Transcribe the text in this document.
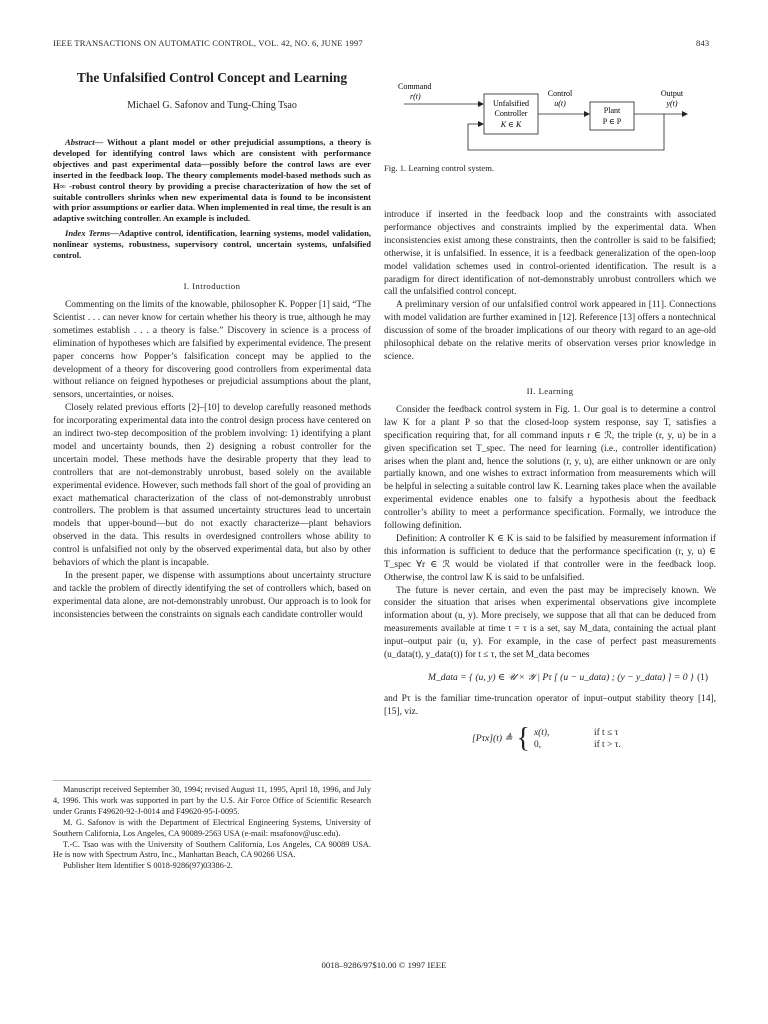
IEEE TRANSACTIONS ON AUTOMATIC CONTROL, VOL. 42, NO. 6, JUNE 1997	843
The Unfalsified Control Concept and Learning

Michael G. Safonov and Tung-Ching Tsao

Abstract— Without a plant model or other prejudicial assumptions, a theory is developed for identifying control laws which are consistent with performance objectives and past experimental data—possibly before the control laws are ever inserted in the feedback loop. The theory complements model-based methods such as H∞ -robust control theory by providing a precise characterization of how the set of suitable controllers shrinks when new experimental data is found to be inconsistent with prior assumptions or earlier data. When implemented in real time, the result is an adaptive switching controller. An example is included.

Index Terms—Adaptive control, identification, learning systems, model validation, nonlinear systems, robustness, supervisory control, uncertain systems, unfalsified control.

I. Introduction

Commenting on the limits of the knowable, philosopher K. Popper [1] said, “The Scientist . . . can never know for certain whether his theory is true, although he may sometimes establish . . . a theory is false.” Discovery in science is a process of elimination of hypotheses which are falsified by experimental evidence. The present paper concerns how Popper’s falsification concept may be applied to the development of a theory for discovering good controllers from experimental data without reliance on feigned hypotheses or prejudicial assumptions about the plant, sensors, uncertainties, or noises.

Closely related previous efforts [2]–[10] to develop carefully reasoned methods for incorporating experimental data into the control design process have centered on an indirect two-step decomposition of the problem involving: 1) identifying a plant model and uncertainty bounds, then 2) designing a robust controller for the uncertain model. These methods have the desirable property that they lead to controllers that are not-demonstrably unrobust, based solely on the available experimental evidence. However, such methods fall short of the goal of providing an exact mathematical characterization of the class of not-demonstrably unrobust controllers. The problem is that assumed uncertainty structures lead to uncertain models that upper-bound—but do not exactly characterize—plant behaviors observed in the data. This results in overdesigned controllers whose ability to control is unfalsified not only by the observed experimental data, but also by other behaviors of which the plant is incapable.

In the present paper, we dispense with assumptions about uncertainty structure and tackle the problem of directly identifying the set of controllers which, based on experimental data alone, are not-demonstrably unrobust. Our approach is to look for inconsistencies between the constraints on signals each candidate controller would

Manuscript received September 30, 1994; revised August 11, 1995, April 18, 1996, and July 4, 1996. This work was supported in part by the U.S. Air Force Office of Scientific Research under Grants F49620-92-J-0014 and F49620-95-I-0095.

M. G. Safonov is with the Department of Electrical Engineering Systems, University of Southern California, Los Angeles, CA 90089-2563 USA (e-mail: msafonov@usc.edu).

T.-C. Tsao was with the University of Southern California, Los Angeles, CA 90089 USA. He is now with Spectrum Astro, Inc., Manhattan Beach, CA 90266 USA.

Publisher Item Identifier S 0018-9286(97)03386-2.

Command
r(t)
Unfalsified
Controller
K ∈ K
Control
u(t)
Plant
P ∈ P
Output
y(t)

Fig. 1. Learning control system.

introduce if inserted in the feedback loop and the constraints with associated performance objectives and constraints implied by the experimental data. When inconsistencies exist among these constraints, then the controller is said to be falsified; otherwise, it is unfalsified. In essence, it is a feedback generalization of the open-loop model validation schemes used in control-oriented identification. The result is a paradigm for direct identification of not-demonstrably unrobust controllers which we call the unfalsified control concept.

A preliminary version of our unfalsified control work appeared in [11]. Connections with model validation are further examined in [12]. Reference [13] offers a nontechnical discussion of some of the broader implications of our theory with regard to an age-old philosophical debate on the relative merits of observation verses prior knowledge in science.

II. Learning

Consider the feedback control system in Fig. 1. Our goal is to determine a control law K for a plant P so that the closed-loop system response, say T, satisfies a specification requiring that, for all command inputs r ∈ ℛ, the triple (r, y, u) be in a given specification set T_spec. The need for learning (i.e., controller identification) arises when the plant and, hence the solutions (r, y, u), are either unknown or are only partially known, and one wishes to extract information from measurements which will be helpful in selecting a suitable control law K. Learning takes place when the available experimental evidence enables one to falsify a hypothesis about the feedback controller’s ability to meet a performance specification. Formally, we introduce the following definition.

Definition: A controller K ∈ K is said to be falsified by measurement information if this information is sufficient to deduce that the performance specification (r, y, u) ∈ T_spec ∀r ∈ ℛ would be violated if that controller were in the feedback loop. Otherwise, the control law K is said to be unfalsified.

The future is never certain, and even the past may be imprecisely known. We consider the situation that arises when experimental observations give incomplete information about (u, y). More precisely, we suppose that all that can be deduced from measurements available at time t = τ is a set, say M_data, containing the actual plant input–output pair (u, y). For example, in the case of perfect past measurements (u_data(t), y_data(t)) for t ≤ τ, the set M_data becomes

M_data = { (u, y) ∈ 𝒰 × 𝒴 | Pτ [ (u − u_data) ; (y − y_data) ] = 0 } (1)

and Pτ is the familiar time-truncation operator of input–output stability theory [14], [15], viz.

[Pτx](t) ≜ { x(t),	if t ≤ τ
0,	if t > τ.
0018–9286/97$10.00 © 1997 IEEE
